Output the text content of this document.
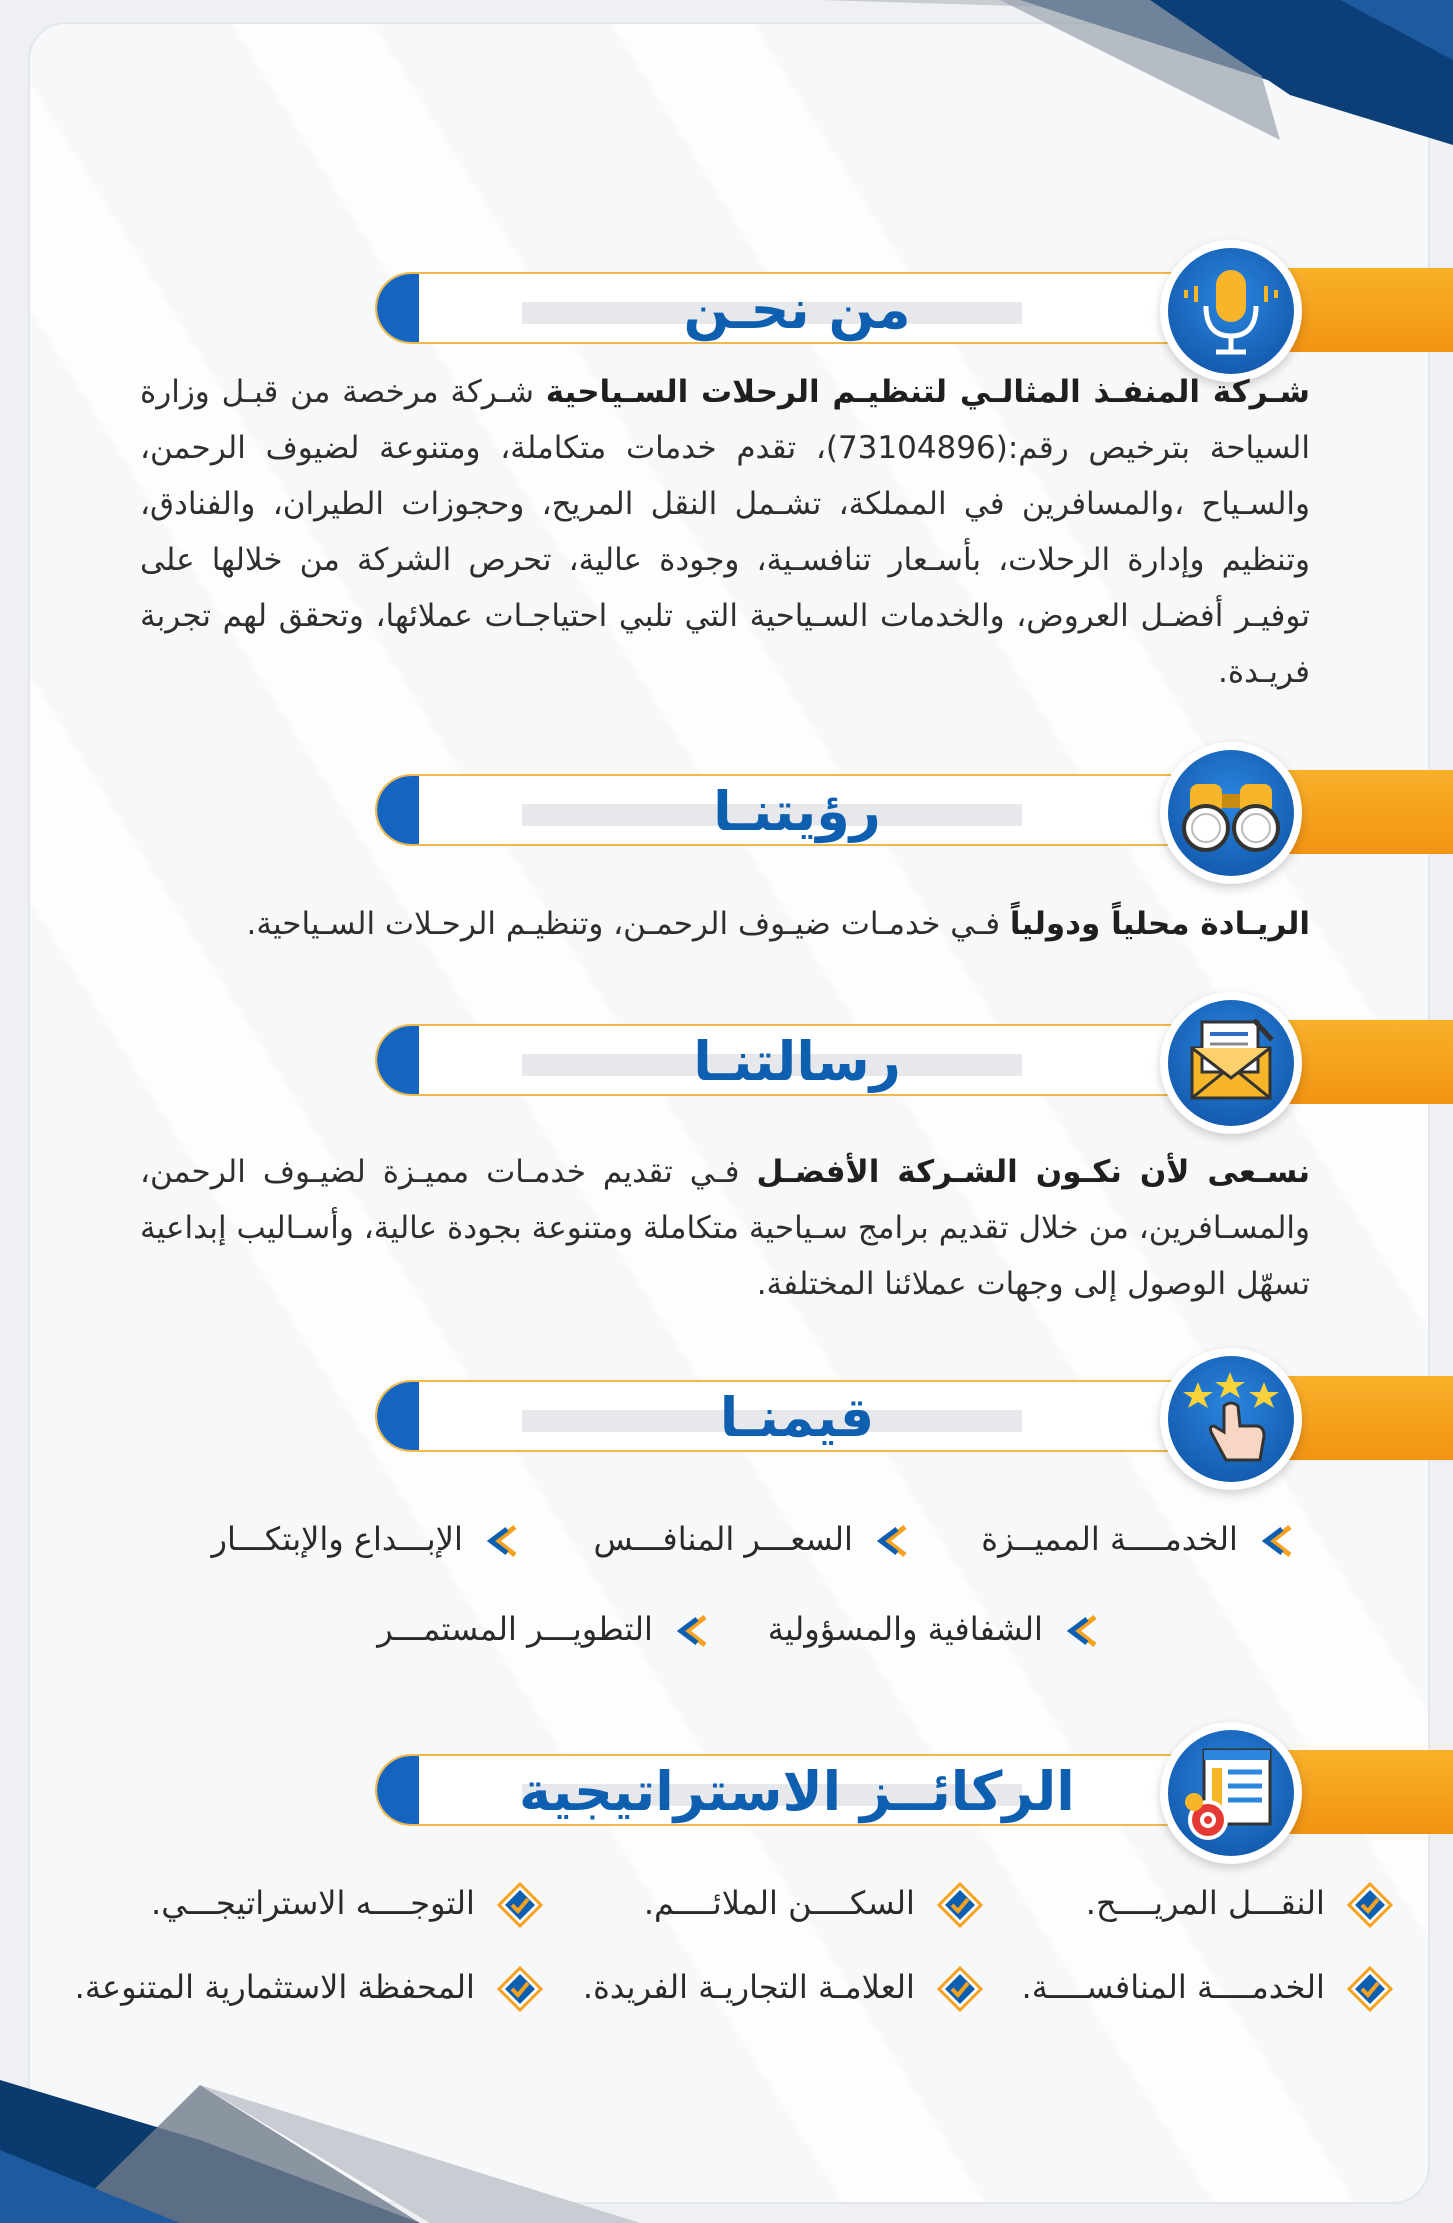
من نحـن
شـركة المنفـذ المثالـي لتنظيـم الرحلات السـياحية شـركة مرخصة من قبـل وزارة السياحة بترخيص رقم:(73104896)، تقدم خدمات متكاملة، ومتنوعة لضيوف الرحمن، والسـياح ،والمسافرين في المملكة، تشـمل النقل المريح، وحجوزات الطيران، والفنادق، وتنظيم وإدارة الرحلات، بأسـعار تنافسـية، وجودة عالية، تحرص الشركة من خلالها على توفيـر أفضـل العروض، والخدمات السـياحية التي تلبي احتياجـات عملائها، وتحقق لهم تجربة فريـدة.
رؤيتنـا
الريـادة محلياً ودولياً فـي خدمـات ضيـوف الرحمـن، وتنظيـم الرحـلات السـياحية.
رسالتنـا
نسـعى لأن نكـون الشـركة الأفضـل فـي تقديم خدمـات مميـزة لضيـوف الرحمن، والمسـافرين، من خلال تقديم برامج سـياحية متكاملة ومتنوعة بجودة عالية، وأسـاليب إبداعية تسهّل الوصول إلى وجهات عملائنا المختلفة.
قيمنـا
الخدمــــة المميــزة
السعـــر المنافـــس
الإبـــداع والإبتكـــار
الشفافية والمسؤولية
التطويـــر المستمـــر
الركائــز الاستراتيجية
النقـــل المريــــح.
السكــــن الملائــــم.
التوجــــه الاستراتيجـــي.
الخدمــــة المنافســــة.
العلامـة التجاريـة الفريدة.
المحفظة الاستثمارية المتنوعة.
